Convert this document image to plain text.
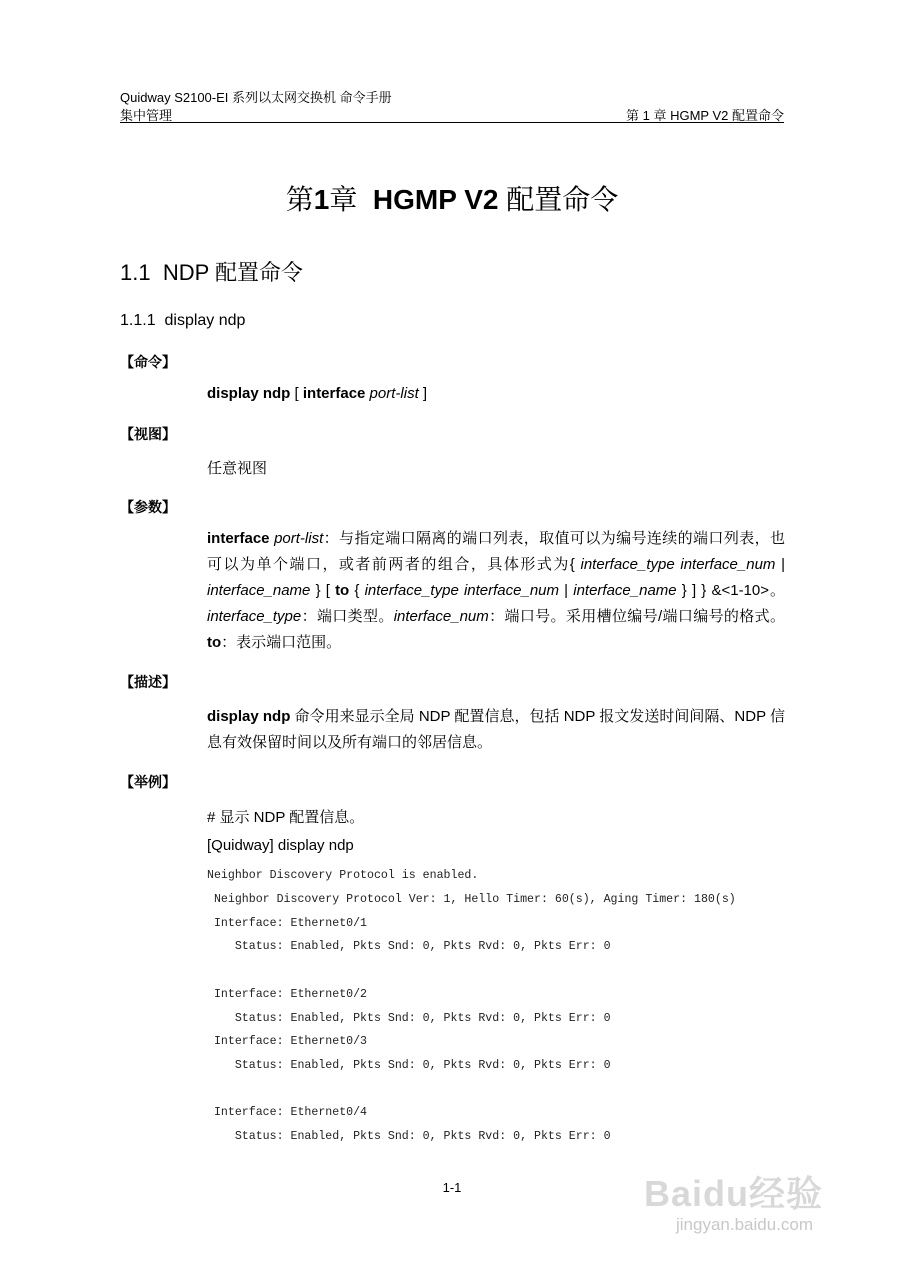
Quidway S2100-EI 系列以太网交换机 命令手册
集中管理	第 1 章 HGMP V2 配置命令
第1章 HGMP V2 配置命令
1.1 NDP 配置命令
1.1.1 display ndp
【命令】
display ndp [ interface port-list ]
【视图】
任意视图
【参数】
interface port-list：与指定端口隔离的端口列表，取值可以为编号连续的端口列表，也可以为单个端口，或者前两者的组合，具体形式为{ interface_type interface_num | interface_name } [ to { interface_type interface_num | interface_name } ] } &<1-10>。interface_type：端口类型。interface_num：端口号。采用槽位编号/端口编号的格式。to：表示端口范围。
【描述】
display ndp 命令用来显示全局 NDP 配置信息，包括 NDP 报文发送时间间隔、NDP 信息有效保留时间以及所有端口的邻居信息。
【举例】
# 显示 NDP 配置信息。
[Quidway] display ndp
Neighbor Discovery Protocol is enabled.
Neighbor Discovery Protocol Ver: 1, Hello Timer: 60(s), Aging Timer: 180(s)
Interface: Ethernet0/1
Status: Enabled, Pkts Snd: 0, Pkts Rvd: 0, Pkts Err: 0
Interface: Ethernet0/2
Status: Enabled, Pkts Snd: 0, Pkts Rvd: 0, Pkts Err: 0
Interface: Ethernet0/3
Status: Enabled, Pkts Snd: 0, Pkts Rvd: 0, Pkts Err: 0
Interface: Ethernet0/4
Status: Enabled, Pkts Snd: 0, Pkts Rvd: 0, Pkts Err: 0
1-1	Baidu经验
jingyan.baidu.com
